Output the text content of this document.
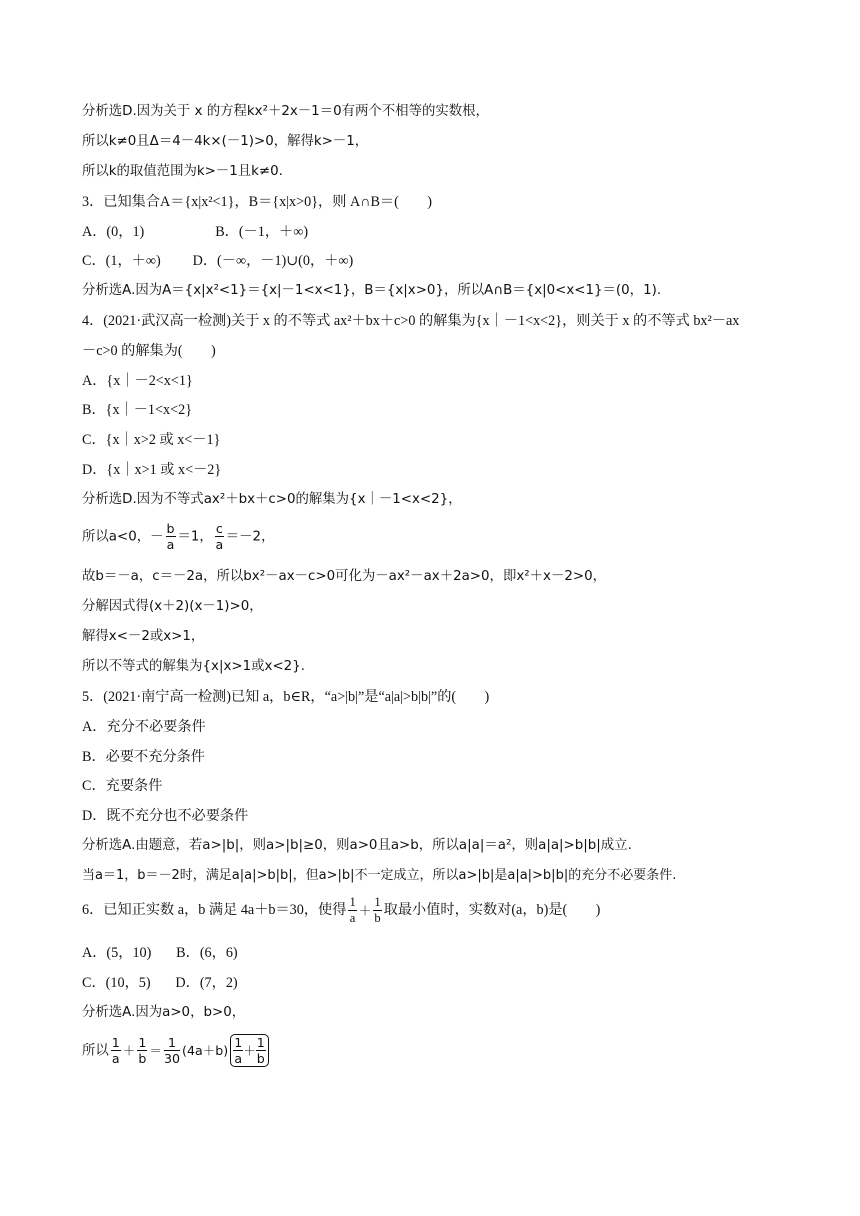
分析选D.因为关于 x 的方程kx²＋2x－1＝0有两个不相等的实数根，
所以k≠0且Δ＝4－4k×(－1)>0，解得k>－1，
所以k的取值范围为k>－1且k≠0.
3．已知集合A＝{x|x²<1}，B＝{x|x>0}，则 A∩B＝(　　)
A．(0，1)                    B．(－1，＋∞)
C．(1，＋∞)         D．(－∞，－1)∪(0，＋∞)
分析选A.因为A＝{x|x²<1}＝{x|－1<x<1}，B＝{x|x>0}，所以A∩B＝{x|0<x<1}＝(0，1).
4．(2021·武汉高一检测)关于 x 的不等式 ax²＋bx＋c>0 的解集为{x｜－1<x<2}，则关于 x 的不等式 bx²－ax
－c>0 的解集为(　　)
A．{x｜－2<x<1}
B．{x｜－1<x<2}
C．{x｜x>2 或 x<－1}
D．{x｜x>1 或 x<－2}
分析选D.因为不等式ax²＋bx＋c>0的解集为{x｜－1<x<2}，
所以a<0，－ $\frac{b}{a} =1$， $\frac{c}{a} =-2$，
故b＝－a，c＝－2a，所以bx²－ax－c>0可化为－ax²－ax＋2a>0，即x²＋x－2>0，
分解因式得(x＋2)(x－1)>0，
解得x<－2或x>1，
所以不等式的解集为{x|x>1或x<2}.
5．(2021·南宁高一检测)已知 a，b∈R，“a>|b|”是“a|a|>b|b|”的(　　)
A．充分不必要条件
B．必要不充分条件
C．充要条件
D．既不充分也不必要条件
分析选A.由题意，若a>|b|，则a>|b|≥0，则a>0且a>b，所以a|a|＝a²，则a|a|>b|b|成立.
当a＝1，b＝－2时，满足a|a|>b|b|，但a>|b|不一定成立，所以a>|b|是a|a|>b|b|的充分不必要条件.
6．已知正实数 a，b 满足 4a＋b＝30，使得 $\frac{1}{a} + \frac{1}{b}$ 取最小值时，实数对(a，b)是(　　)
A．(5，10)       B．(6，6)
C．(10，5)       D．(7，2)
分析选A.因为a>0，b>0，
所以 $\frac{1}{a} + \frac{1}{b} = \frac{1}{30} (4a+b) \frac{1}{a} + \frac{1}{b}$
